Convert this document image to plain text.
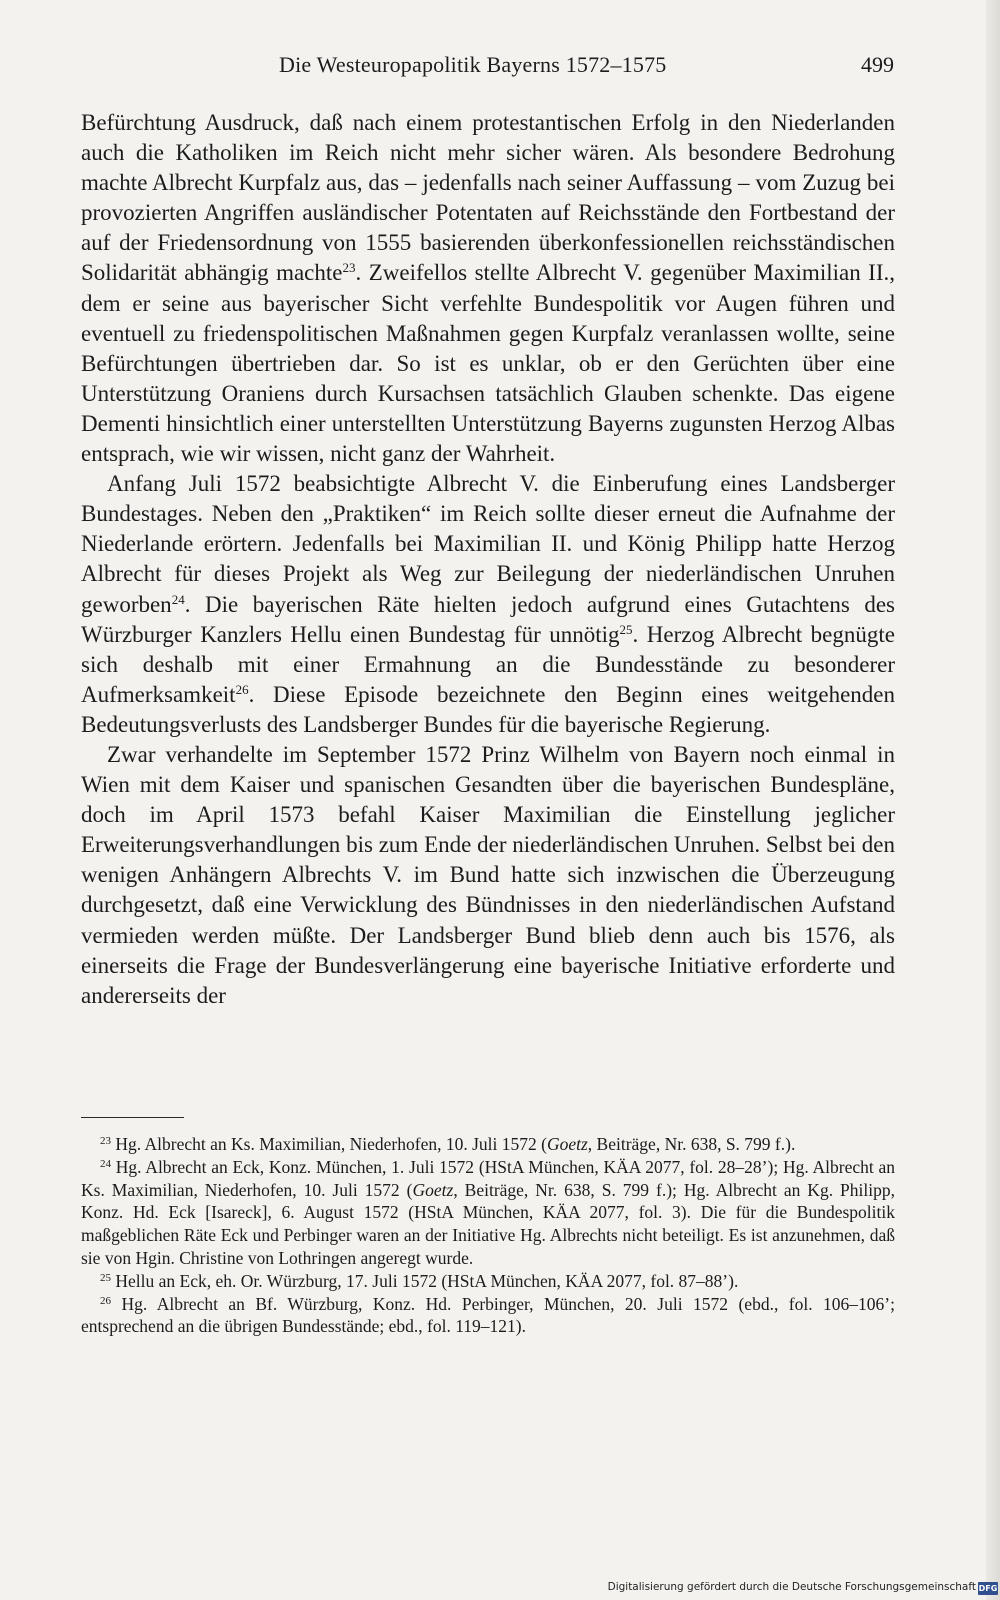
Die Westeuropapolitik Bayerns 1572–1575	499

Befürchtung Ausdruck, daß nach einem protestantischen Erfolg in den Niederlanden auch die Katholiken im Reich nicht mehr sicher wären. Als besondere Bedrohung machte Albrecht Kurpfalz aus, das – jedenfalls nach seiner Auffassung – vom Zuzug bei provozierten Angriffen ausländischer Potentaten auf Reichsstände den Fortbestand der auf der Friedensordnung von 1555 basierenden überkonfessionellen reichsständischen Solidarität abhängig machte$^{23}$. Zweifellos stellte Albrecht V. gegenüber Maximilian II., dem er seine aus bayerischer Sicht verfehlte Bundespolitik vor Augen führen und eventuell zu friedenspolitischen Maßnahmen gegen Kurpfalz veranlassen wollte, seine Befürchtungen übertrieben dar. So ist es unklar, ob er den Gerüchten über eine Unterstützung Oraniens durch Kursachsen tatsächlich Glauben schenkte. Das eigene Dementi hinsichtlich einer unterstellten Unterstützung Bayerns zugunsten Herzog Albas entsprach, wie wir wissen, nicht ganz der Wahrheit.

Anfang Juli 1572 beabsichtigte Albrecht V. die Einberufung eines Landsberger Bundestages. Neben den „Praktiken“ im Reich sollte dieser erneut die Aufnahme der Niederlande erörtern. Jedenfalls bei Maximilian II. und König Philipp hatte Herzog Albrecht für dieses Projekt als Weg zur Beilegung der niederländischen Unruhen geworben$^{24}$. Die bayerischen Räte hielten jedoch aufgrund eines Gutachtens des Würzburger Kanzlers Hellu einen Bundestag für unnötig$^{25}$. Herzog Albrecht begnügte sich deshalb mit einer Ermahnung an die Bundesstände zu besonderer Aufmerksamkeit$^{26}$. Diese Episode bezeichnete den Beginn eines weitgehenden Bedeutungsverlusts des Landsberger Bundes für die bayerische Regierung.

Zwar verhandelte im September 1572 Prinz Wilhelm von Bayern noch einmal in Wien mit dem Kaiser und spanischen Gesandten über die bayerischen Bundespläne, doch im April 1573 befahl Kaiser Maximilian die Einstellung jeglicher Erweiterungsverhandlungen bis zum Ende der niederländischen Unruhen. Selbst bei den wenigen Anhängern Albrechts V. im Bund hatte sich inzwischen die Überzeugung durchgesetzt, daß eine Verwicklung des Bündnisses in den niederländischen Aufstand vermieden werden müßte. Der Landsberger Bund blieb denn auch bis 1576, als einerseits die Frage der Bundesverlängerung eine bayerische Initiative erforderte und andererseits der

$^{23}$ Hg. Albrecht an Ks. Maximilian, Niederhofen, 10. Juli 1572 (Goetz, Beiträge, Nr. 638, S. 799 f.).

$^{24}$ Hg. Albrecht an Eck, Konz. München, 1. Juli 1572 (HStA München, KÄA 2077, fol. 28–28’); Hg. Albrecht an Ks. Maximilian, Niederhofen, 10. Juli 1572 (Goetz, Beiträge, Nr. 638, S. 799 f.); Hg. Albrecht an Kg. Philipp, Konz. Hd. Eck [Isareck], 6. August 1572 (HStA München, KÄA 2077, fol. 3). Die für die Bundespolitik maßgeblichen Räte Eck und Perbinger waren an der Initiative Hg. Albrechts nicht beteiligt. Es ist anzunehmen, daß sie von Hgin. Christine von Lothringen angeregt wurde.

$^{25}$ Hellu an Eck, eh. Or. Würzburg, 17. Juli 1572 (HStA München, KÄA 2077, fol. 87–88’).

$^{26}$ Hg. Albrecht an Bf. Würzburg, Konz. Hd. Perbinger, München, 20. Juli 1572 (ebd., fol. 106–106’; entsprechend an die übrigen Bundesstände; ebd., fol. 119–121).

Digitalisierung gefördert durch die Deutsche Forschungsgemeinschaft DFG
